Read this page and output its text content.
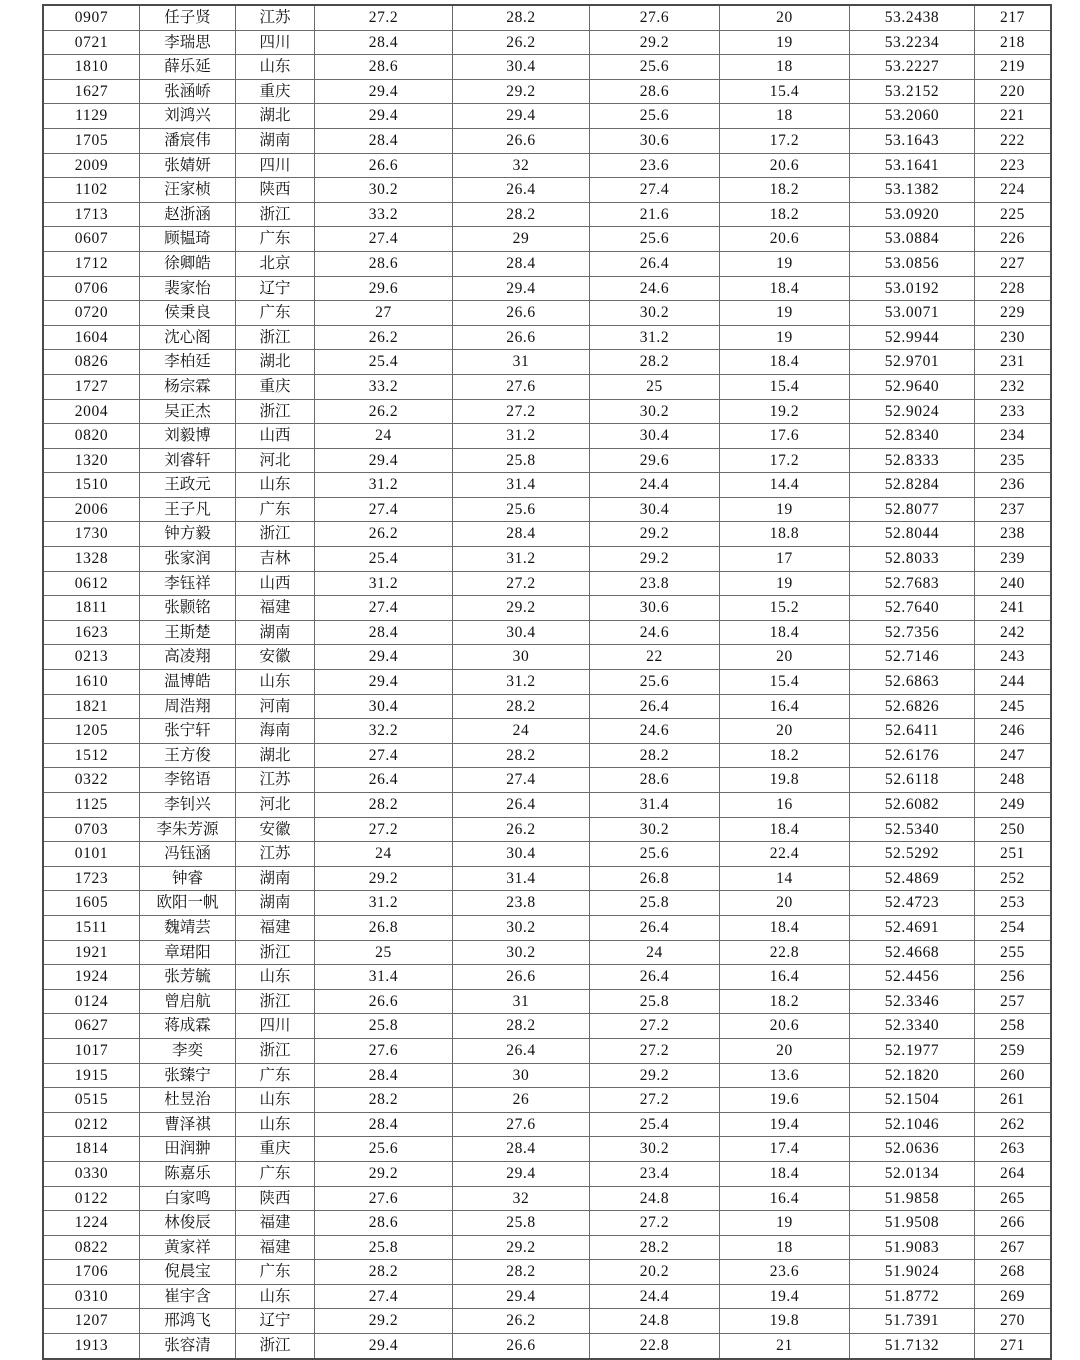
0907	任子贤	江苏	27.2	28.2	27.6	20	53.2438	217
0721	李瑞思	四川	28.4	26.2	29.2	19	53.2234	218
1810	薛乐延	山东	28.6	30.4	25.6	18	53.2227	219
1627	张涵峤	重庆	29.4	29.2	28.6	15.4	53.2152	220
1129	刘鸿兴	湖北	29.4	29.4	25.6	18	53.2060	221
1705	潘宸伟	湖南	28.4	26.6	30.6	17.2	53.1643	222
2009	张婧妍	四川	26.6	32	23.6	20.6	53.1641	223
1102	汪家桢	陕西	30.2	26.4	27.4	18.2	53.1382	224
1713	赵浙涵	浙江	33.2	28.2	21.6	18.2	53.0920	225
0607	顾韫琦	广东	27.4	29	25.6	20.6	53.0884	226
1712	徐卿皓	北京	28.6	28.4	26.4	19	53.0856	227
0706	裴家怡	辽宁	29.6	29.4	24.6	18.4	53.0192	228
0720	侯秉良	广东	27	26.6	30.2	19	53.0071	229
1604	沈心阁	浙江	26.2	26.6	31.2	19	52.9944	230
0826	李柏廷	湖北	25.4	31	28.2	18.4	52.9701	231
1727	杨宗霖	重庆	33.2	27.6	25	15.4	52.9640	232
2004	吴正杰	浙江	26.2	27.2	30.2	19.2	52.9024	233
0820	刘毅博	山西	24	31.2	30.4	17.6	52.8340	234
1320	刘睿轩	河北	29.4	25.8	29.6	17.2	52.8333	235
1510	王政元	山东	31.2	31.4	24.4	14.4	52.8284	236
2006	王子凡	广东	27.4	25.6	30.4	19	52.8077	237
1730	钟方毅	浙江	26.2	28.4	29.2	18.8	52.8044	238
1328	张家润	吉林	25.4	31.2	29.2	17	52.8033	239
0612	李钰祥	山西	31.2	27.2	23.8	19	52.7683	240
1811	张颢铭	福建	27.4	29.2	30.6	15.2	52.7640	241
1623	王斯楚	湖南	28.4	30.4	24.6	18.4	52.7356	242
0213	高凌翔	安徽	29.4	30	22	20	52.7146	243
1610	温博皓	山东	29.4	31.2	25.6	15.4	52.6863	244
1821	周浩翔	河南	30.4	28.2	26.4	16.4	52.6826	245
1205	张宁轩	海南	32.2	24	24.6	20	52.6411	246
1512	王方俊	湖北	27.4	28.2	28.2	18.2	52.6176	247
0322	李铭语	江苏	26.4	27.4	28.6	19.8	52.6118	248
1125	李钊兴	河北	28.2	26.4	31.4	16	52.6082	249
0703	李朱芳源	安徽	27.2	26.2	30.2	18.4	52.5340	250
0101	冯钰涵	江苏	24	30.4	25.6	22.4	52.5292	251
1723	钟睿	湖南	29.2	31.4	26.8	14	52.4869	252
1605	欧阳一帆	湖南	31.2	23.8	25.8	20	52.4723	253
1511	魏靖芸	福建	26.8	30.2	26.4	18.4	52.4691	254
1921	章珺阳	浙江	25	30.2	24	22.8	52.4668	255
1924	张芳毓	山东	31.4	26.6	26.4	16.4	52.4456	256
0124	曾启航	浙江	26.6	31	25.8	18.2	52.3346	257
0627	蒋成霖	四川	25.8	28.2	27.2	20.6	52.3340	258
1017	李奕	浙江	27.6	26.4	27.2	20	52.1977	259
1915	张臻宁	广东	28.4	30	29.2	13.6	52.1820	260
0515	杜昱治	山东	28.2	26	27.2	19.6	52.1504	261
0212	曹泽祺	山东	28.4	27.6	25.4	19.4	52.1046	262
1814	田润翀	重庆	25.6	28.4	30.2	17.4	52.0636	263
0330	陈嘉乐	广东	29.2	29.4	23.4	18.4	52.0134	264
0122	白家鸣	陕西	27.6	32	24.8	16.4	51.9858	265
1224	林俊辰	福建	28.6	25.8	27.2	19	51.9508	266
0822	黄家祥	福建	25.8	29.2	28.2	18	51.9083	267
1706	倪晨宝	广东	28.2	28.2	20.2	23.6	51.9024	268
0310	崔宇含	山东	27.4	29.4	24.4	19.4	51.8772	269
1207	邢鸿飞	辽宁	29.2	26.2	24.8	19.8	51.7391	270
1913	张容清	浙江	29.4	26.6	22.8	21	51.7132	271
